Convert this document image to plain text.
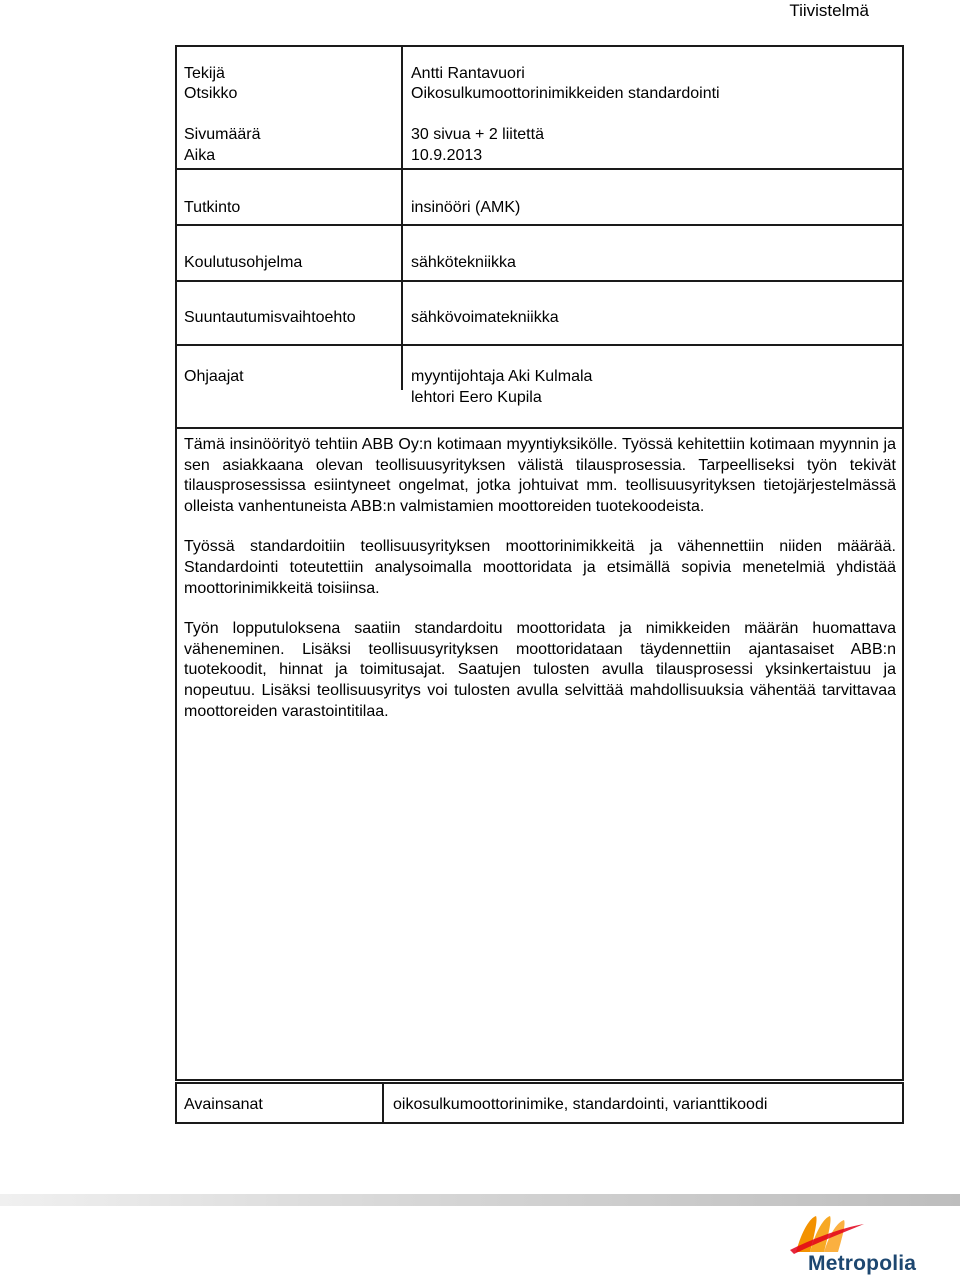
Tiivistelmä
Tekijä	Antti Rantavuori
Otsikko	Oikosulkumoottorinimikkeiden standardointi
Sivumäärä	30 sivua + 2 liitettä
Aika	10.9.2013
Tutkinto	insinööri (AMK)
Koulutusohjelma	sähkötekniikka
Suuntautumisvaihtoehto	sähkövoimatekniikka
Ohjaajat	myyntijohtaja Aki Kulmala
lehtori Eero Kupila

Tämä insinöörityö tehtiin ABB Oy:n kotimaan myyntiyksikölle. Työssä kehitettiin kotimaan myynnin ja sen asiakkaana olevan teollisuusyrityksen välistä tilausprosessia. Tarpeelliseksi työn tekivät tilausprosessissa esiintyneet ongelmat, jotka johtuivat mm. teollisuusyrityksen tietojärjestelmässä olleista vanhentuneista ABB:n valmistamien moottoreiden tuotekoodeista.

Työssä standardoitiin teollisuusyrityksen moottorinimikkeitä ja vähennettiin niiden määrää. Standardointi toteutettiin analysoimalla moottoridata ja etsimällä sopivia menetelmiä yhdistää moottorinimikkeitä toisiinsa.

Työn lopputuloksena saatiin standardoitu moottoridata ja nimikkeiden määrän huomattava väheneminen. Lisäksi teollisuusyrityksen moottoridataan täydennettiin ajantasaiset ABB:n tuotekoodit, hinnat ja toimitusajat. Saatujen tulosten avulla tilausprosessi yksinkertaistuu ja nopeutuu. Lisäksi teollisuusyritys voi tulosten avulla selvittää mahdollisuuksia vähentää tarvittavaa moottoreiden varastointitilaa.

Avainsanat	oikosulkumoottorinimike, standardointi, varianttikoodi
Metropolia
